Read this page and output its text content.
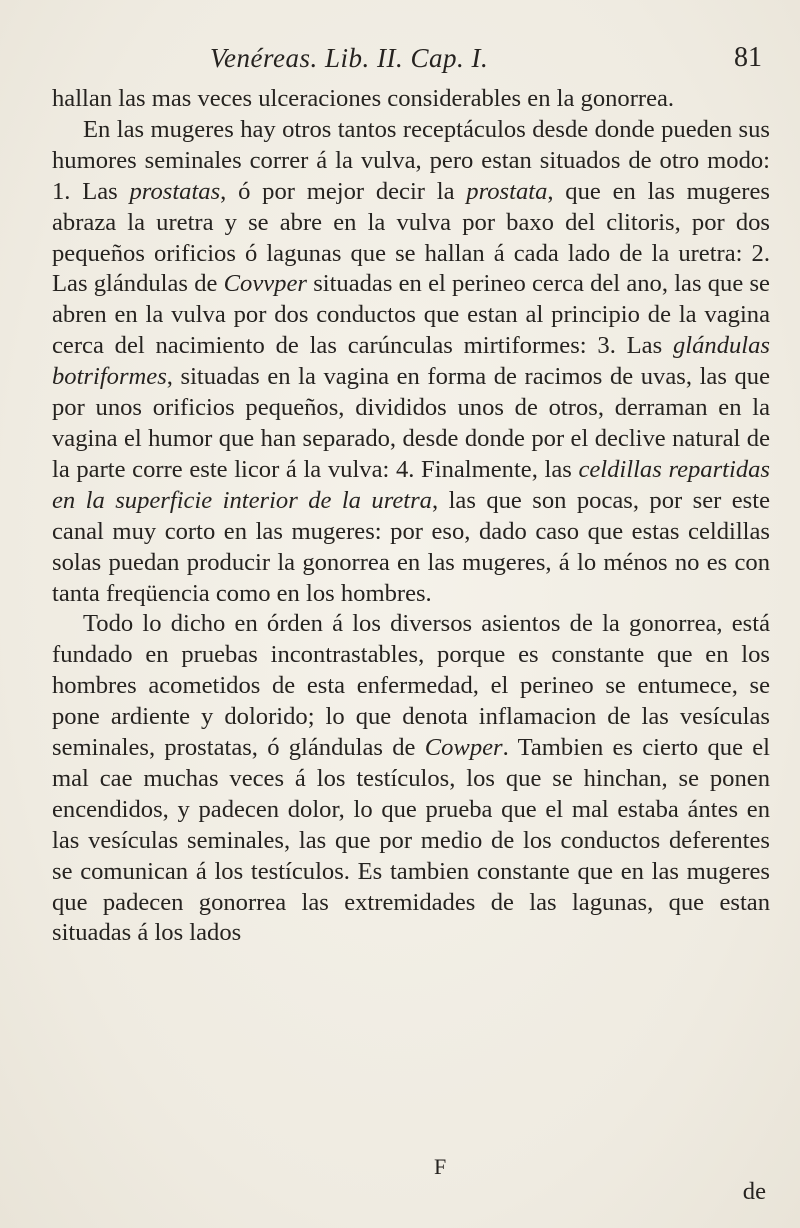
Venéreas. Lib. II. Cap. I.	81

hallan las mas veces ulceraciones considerables en la gonorrea.

En las mugeres hay otros tantos receptáculos desde donde pueden sus humores seminales correr á la vulva, pero estan situados de otro modo: 1. Las prostatas, ó por mejor decir la prostata, que en las mugeres abraza la uretra y se abre en la vulva por baxo del clitoris, por dos pequeños orificios ó lagunas que se hallan á cada lado de la uretra: 2. Las glándulas de Covvper situadas en el perineo cerca del ano, las que se abren en la vulva por dos conductos que estan al principio de la vagina cerca del nacimiento de las carúnculas mirtiformes: 3. Las glándulas botriformes, situadas en la vagina en forma de racimos de uvas, las que por unos orificios pequeños, divididos unos de otros, derraman en la vagina el humor que han separado, desde donde por el declive natural de la parte corre este licor á la vulva: 4. Finalmente, las celdillas repartidas en la superficie interior de la uretra, las que son pocas, por ser este canal muy corto en las mugeres: por eso, dado caso que estas celdillas solas puedan producir la gonorrea en las mugeres, á lo ménos no es con tanta freqüencia como en los hombres.

Todo lo dicho en órden á los diversos asientos de la gonorrea, está fundado en pruebas incontrastables, porque es constante que en los hombres acometidos de esta enfermedad, el perineo se entumece, se pone ardiente y dolorido; lo que denota inflamacion de las vesículas seminales, prostatas, ó glándulas de Cowper. Tambien es cierto que el mal cae muchas veces á los testículos, los que se hinchan, se ponen encendidos, y padecen dolor, lo que prueba que el mal estaba ántes en las vesículas seminales, las que por medio de los conductos deferentes se comunican á los testículos. Es tambien constante que en las mugeres que padecen gonorrea las extremidades de las lagunas, que estan situadas á los lados

F
de
